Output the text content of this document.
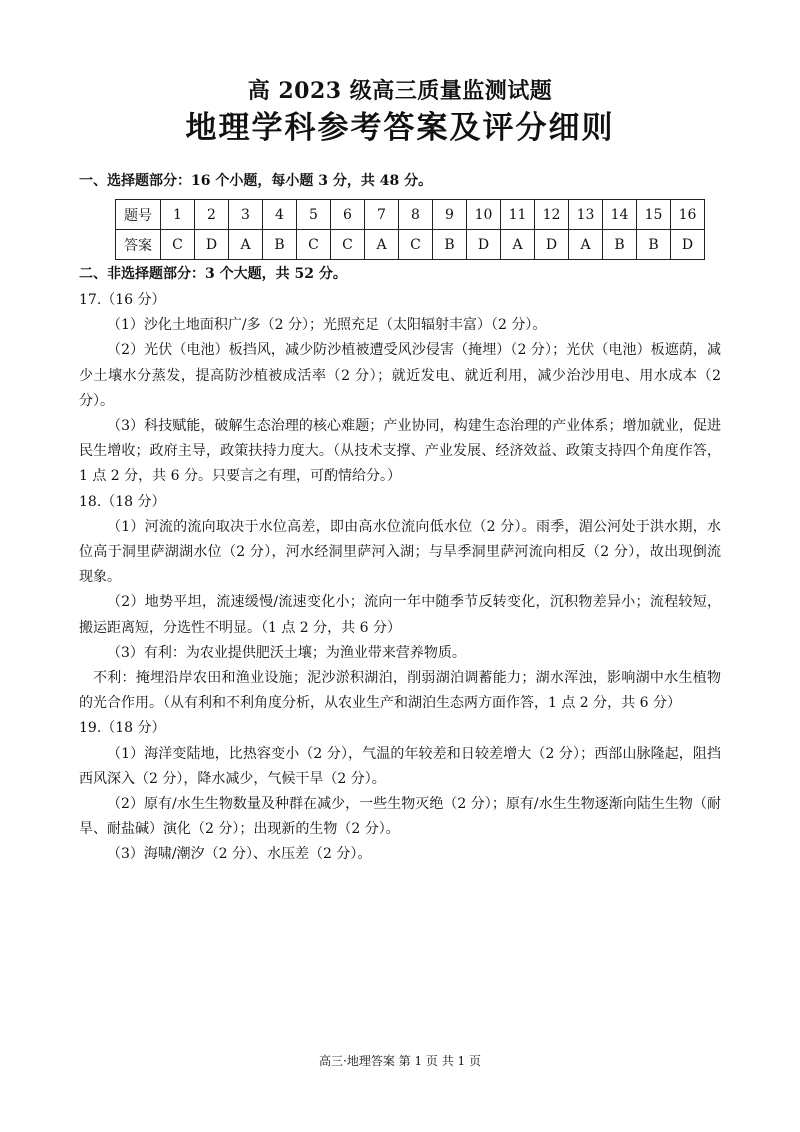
高 2023 级高三质量监测试题
地理学科参考答案及评分细则
一、选择题部分：16 个小题，每小题 3 分，共 48 分。
题号	1	2	3	4	5	6	7	8	9	10	11	12	13	14	15	16
答案	C	D	A	B	C	C	A	C	B	D	A	D	A	B	B	D
二、非选择题部分：3 个大题，共 52 分。

17.（16 分）

（1）沙化土地面积广/多（2 分）；光照充足（太阳辐射丰富）（2 分）。

（2）光伏（电池）板挡风，减少防沙植被遭受风沙侵害（掩埋）（2 分）；光伏（电池）板遮荫，减少土壤水分蒸发，提高防沙植被成活率（2 分）；就近发电、就近利用，减少治沙用电、用水成本（2 分）。

（3）科技赋能，破解生态治理的核心难题；产业协同，构建生态治理的产业体系；增加就业，促进民生增收；政府主导，政策扶持力度大。（从技术支撑、产业发展、经济效益、政策支持四个角度作答，1 点 2 分，共 6 分。只要言之有理，可酌情给分。）

18.（18 分）

（1）河流的流向取决于水位高差，即由高水位流向低水位（2 分）。雨季，湄公河处于洪水期，水位高于洞里萨湖湖水位（2 分），河水经洞里萨河入湖；与旱季洞里萨河流向相反（2 分），故出现倒流现象。

（2）地势平坦，流速缓慢/流速变化小；流向一年中随季节反转变化，沉积物差异小；流程较短，搬运距离短，分选性不明显。（1 点 2 分，共 6 分）

（3）有利：为农业提供肥沃土壤；为渔业带来营养物质。

不利：掩埋沿岸农田和渔业设施；泥沙淤积湖泊，削弱湖泊调蓄能力；湖水浑浊，影响湖中水生植物的光合作用。（从有利和不利角度分析，从农业生产和湖泊生态两方面作答，1 点 2 分，共 6 分）

19.（18 分）

（1）海洋变陆地，比热容变小（2 分），气温的年较差和日较差增大（2 分）；西部山脉隆起，阻挡西风深入（2 分），降水减少，气候干旱（2 分）。

（2）原有/水生生物数量及种群在减少，一些生物灭绝（2 分）；原有/水生生物逐渐向陆生生物（耐旱、耐盐碱）演化（2 分）；出现新的生物（2 分）。

（3）海啸/潮汐（2 分）、水压差（2 分）。

高三·地理答案 第 1 页 共 1 页
